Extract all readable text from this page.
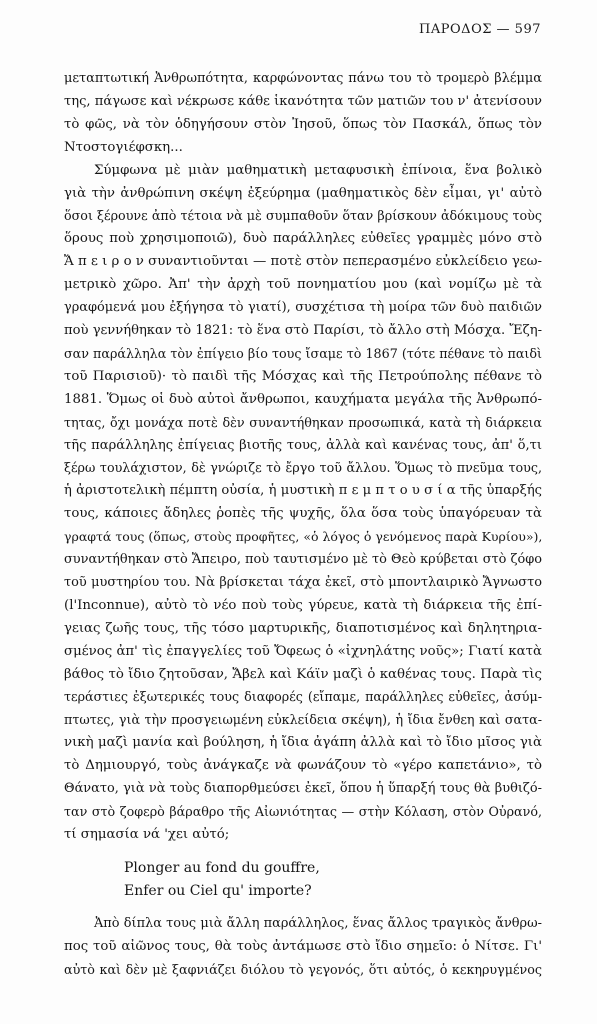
ΠΑΡΟΔΟΣ — 597
μεταπτωτική Ἀνθρωπότητα, καρφώνοντας πάνω του τὸ τρομερὸ βλέμμα
της, πάγωσε καὶ νέκρωσε κάθε ἱκανότητα τῶν ματιῶν του ν' ἀτενίσουν
τὸ φῶς, νὰ τὸν ὁδηγήσουν στὸν Ἰησοῦ, ὅπως τὸν Πασκάλ, ὅπως τὸν
Ντοστογιέφσκη...
Σύμφωνα μὲ μιὰν μαθηματικὴ μεταφυσικὴ ἐπίνοια, ἕνα βολικὸ
γιὰ τὴν ἀνθρώπινη σκέψη ἐξεύρημα (μαθηματικὸς δὲν εἶμαι, γι' αὐτὸ
ὅσοι ξέρουνε ἀπὸ τέτοια νὰ μὲ συμπαθοῦν ὅταν βρίσκουν ἀδόκιμους τοὺς
ὅρους ποὺ χρησιμοποιῶ), δυὸ παράλληλες εὐθεῖες γραμμὲς μόνο στὸ
Ἄ π ε ι ρ ο ν συναντιοῦνται — ποτὲ στὸν πεπερασμένο εὐκλείδειο γεω-
μετρικὸ χῶρο. Ἀπ' τὴν ἀρχὴ τοῦ πονηματίου μου (καὶ νομίζω μὲ τὰ
γραφόμενά μου ἐξήγησα τὸ γιατί), συσχέτισα τὴ μοίρα τῶν δυὸ παιδιῶν
ποὺ γεννήθηκαν τὸ 1821: τὸ ἕνα στὸ Παρίσι, τὸ ἄλλο στὴ Μόσχα. Ἔζη-
σαν παράλληλα τὸν ἐπίγειο βίο τους ἴσαμε τὸ 1867 (τότε πέθανε τὸ παιδὶ
τοῦ Παρισιοῦ)· τὸ παιδὶ τῆς Μόσχας καὶ τῆς Πετρούπολης πέθανε τὸ
1881. Ὅμως οἱ δυὸ αὐτοὶ ἄνθρωποι, καυχήματα μεγάλα τῆς Ἀνθρωπό-
τητας, ὄχι μονάχα ποτὲ δὲν συναντήθηκαν προσωπικά, κατὰ τὴ διάρκεια
τῆς παράλληλης ἐπίγειας βιοτῆς τους, ἀλλὰ καὶ κανένας τους, ἀπ' ὅ,τι
ξέρω τουλάχιστον, δὲ γνώριζε τὸ ἔργο τοῦ ἄλλου. Ὅμως τὸ πνεῦμα τους,
ἡ ἀριστοτελικὴ πέμπτη οὐσία, ἡ μυστικὴ π ε μ π τ ο υ σ ί α τῆς ὑπαρξής
τους, κάποιες ἄδηλες ῥοπὲς τῆς ψυχῆς, ὅλα ὅσα τοὺς ὑπαγόρευαν τὰ
γραφτά τους (ὅπως, στοὺς προφῆτες, «ὁ λόγος ὁ γενόμενος παρὰ Κυρίου»),
συναντήθηκαν στὸ Ἄπειρο, ποὺ ταυτισμένο μὲ τὸ Θεὸ κρύβεται στὸ ζόφο
τοῦ μυστηρίου του. Νὰ βρίσκεται τάχα ἐκεῖ, στὸ μποντλαιρικὸ Ἄγνωστο
(l'Inconnue), αὐτὸ τὸ νέο ποὺ τοὺς γύρευε, κατὰ τὴ διάρκεια τῆς ἐπί-
γειας ζωῆς τους, τῆς τόσο μαρτυρικῆς, διαποτισμένος καὶ δηλητηρια-
σμένος ἀπ' τὶς ἐπαγγελίες τοῦ Ὄφεως ὁ «ἰχνηλάτης νοῦς»; Γιατί κατὰ
βάθος τὸ ἴδιο ζητοῦσαν, Ἄβελ καὶ Κάϊν μαζὶ ὁ καθένας τους. Παρὰ τὶς
τεράστιες ἐξωτερικές τους διαφορές (εἴπαμε, παράλληλες εὐθεῖες, ἀσύμ-
πτωτες, γιὰ τὴν προσγειωμένη εὐκλείδεια σκέψη), ἡ ἴδια ἔνθεη καὶ σατα-
νικὴ μαζὶ μανία καὶ βούληση, ἡ ἴδια ἀγάπη ἀλλὰ καὶ τὸ ἴδιο μῖσος γιὰ
τὸ Δημιουργό, τοὺς ἀνάγκαζε νὰ φωνάζουν τὸ «γέρο καπετάνιο», τὸ
Θάνατο, γιὰ νὰ τοὺς διαπορθμεύσει ἐκεῖ, ὅπου ἡ ὕπαρξή τους θὰ βυθιζό-
ταν στὸ ζοφερὸ βάραθρο τῆς Αἰωνιότητας — στὴν Κόλαση, στὸν Οὐρανό,
τί σημασία νά 'χει αὐτό;
Plonger au fond du gouffre,
Enfer ou Ciel qu' importe?
Ἀπὸ δίπλα τους μιὰ ἄλλη παράλληλος, ἕνας ἄλλος τραγικὸς ἄνθρω-
πος τοῦ αἰῶνος τους, θὰ τοὺς ἀντάμωσε στὸ ἴδιο σημεῖο: ὁ Νίτσε. Γι'
αὐτὸ καὶ δὲν μὲ ξαφνιάζει διόλου τὸ γεγονός, ὅτι αὐτός, ὁ κεκηρυγμένος
